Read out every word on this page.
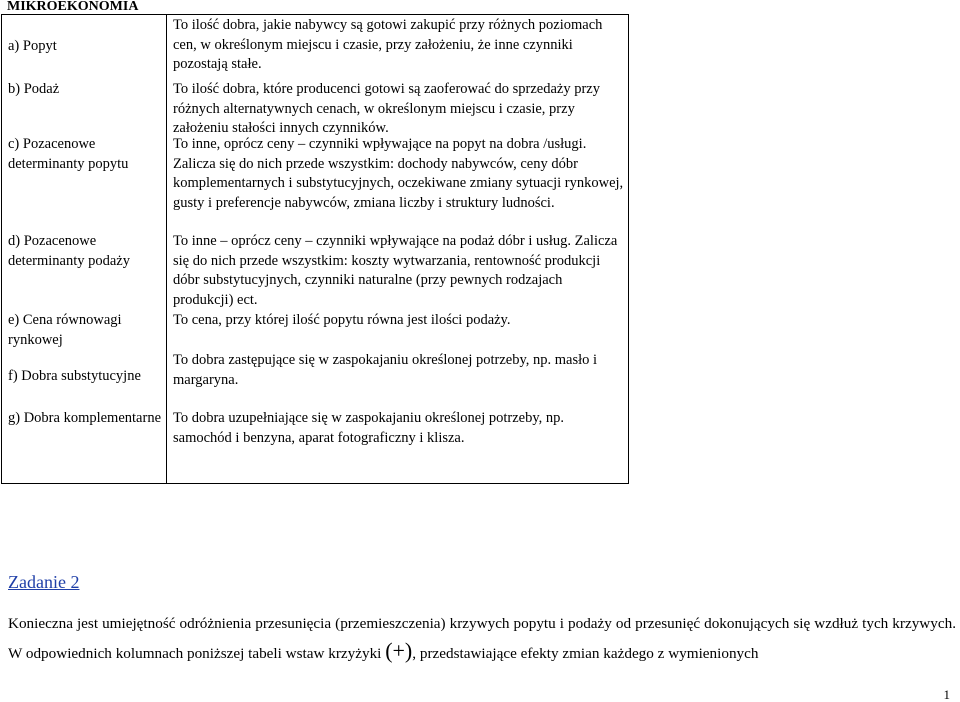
MIKROEKONOMIA
a) Popyt
To ilość dobra, jakie nabywcy są gotowi zakupić przy różnych poziomach cen, w określonym miejscu i czasie, przy założeniu, że inne czynniki pozostają stałe.
b) Podaż	To ilość dobra, które producenci gotowi są zaoferować do sprzedaży przy różnych alternatywnych cenach, w określonym miejscu i czasie, przy założeniu stałości innych czynników.
c) Pozacenowe determinanty popytu
To inne, oprócz ceny – czynniki wpływające na popyt na dobra /usługi. Zalicza się do nich przede wszystkim: dochody nabywców, ceny dóbr komplementarnych i substytucyjnych, oczekiwane zmiany sytuacji rynkowej, gusty i preferencje nabywców, zmiana liczby i struktury ludności.
d) Pozacenowe determinanty podaży
To inne – oprócz ceny – czynniki wpływające na podaż dóbr i usług. Zalicza się do nich przede wszystkim: koszty wytwarzania, rentowność produkcji dóbr substytucyjnych, czynniki naturalne (przy pewnych rodzajach produkcji) ect.
e) Cena równowagi rynkowej
To cena, przy której ilość popytu równa jest ilości podaży.
f) Dobra substytucyjne
To dobra zastępujące się w zaspokajaniu określonej potrzeby, np. masło i margaryna.
g) Dobra komplementarne To dobra uzupełniające się w zaspokajaniu określonej potrzeby, np. samochód i benzyna, aparat fotograficzny i klisza.
Zadanie 2
Konieczna jest umiejętność odróżnienia przesunięcia (przemieszczenia) krzywych popytu i podaży od przesunięć dokonujących się wzdłuż tych krzywych. W odpowiednich kolumnach poniższej tabeli wstaw krzyżyki (+), przedstawiające efekty zmian każdego z wymienionych
1
